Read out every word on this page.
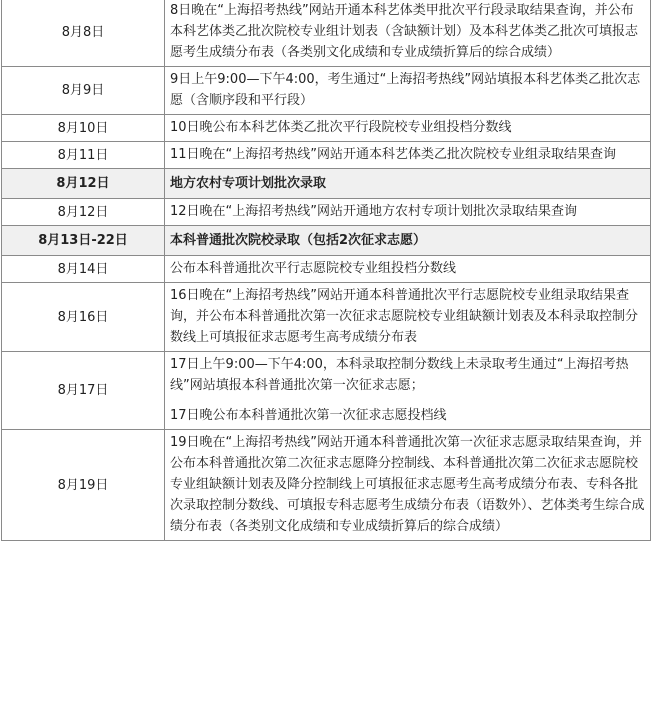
8月8日	8日晚在“上海招考热线”网站开通本科艺体类甲批次平行段录取结果查询，并公布本科艺体类乙批次院校专业组计划表（含缺额计划）及本科艺体类乙批次可填报志愿考生成绩分布表（各类别文化成绩和专业成绩折算后的综合成绩）
8月9日	9日上午9:00—下午4:00，考生通过“上海招考热线”网站填报本科艺体类乙批次志愿（含顺序段和平行段）
8月10日	10日晚公布本科艺体类乙批次平行段院校专业组投档分数线
8月11日	11日晚在“上海招考热线”网站开通本科艺体类乙批次院校专业组录取结果查询
8月12日	地方农村专项计划批次录取
8月12日	12日晚在“上海招考热线”网站开通地方农村专项计划批次录取结果查询
8月13日-22日	本科普通批次院校录取（包括2次征求志愿）
8月14日	公布本科普通批次平行志愿院校专业组投档分数线
8月16日	16日晚在“上海招考热线”网站开通本科普通批次平行志愿院校专业组录取结果查询，并公布本科普通批次第一次征求志愿院校专业组缺额计划表及本科录取控制分数线上可填报征求志愿考生高考成绩分布表
8月17日	17日上午9:00—下午4:00，本科录取控制分数线上未录取考生通过“上海招考热线”网站填报本科普通批次第一次征求志愿；
17日晚公布本科普通批次第一次征求志愿投档线

8月19日	19日晚在“上海招考热线”网站开通本科普通批次第一次征求志愿录取结果查询，并公布本科普通批次第二次征求志愿降分控制线、本科普通批次第二次征求志愿院校专业组缺额计划表及降分控制线上可填报征求志愿考生高考成绩分布表、专科各批次录取控制分数线、可填报专科志愿考生成绩分布表（语数外）、艺体类考生综合成绩分布表（各类别文化成绩和专业成绩折算后的综合成绩）
